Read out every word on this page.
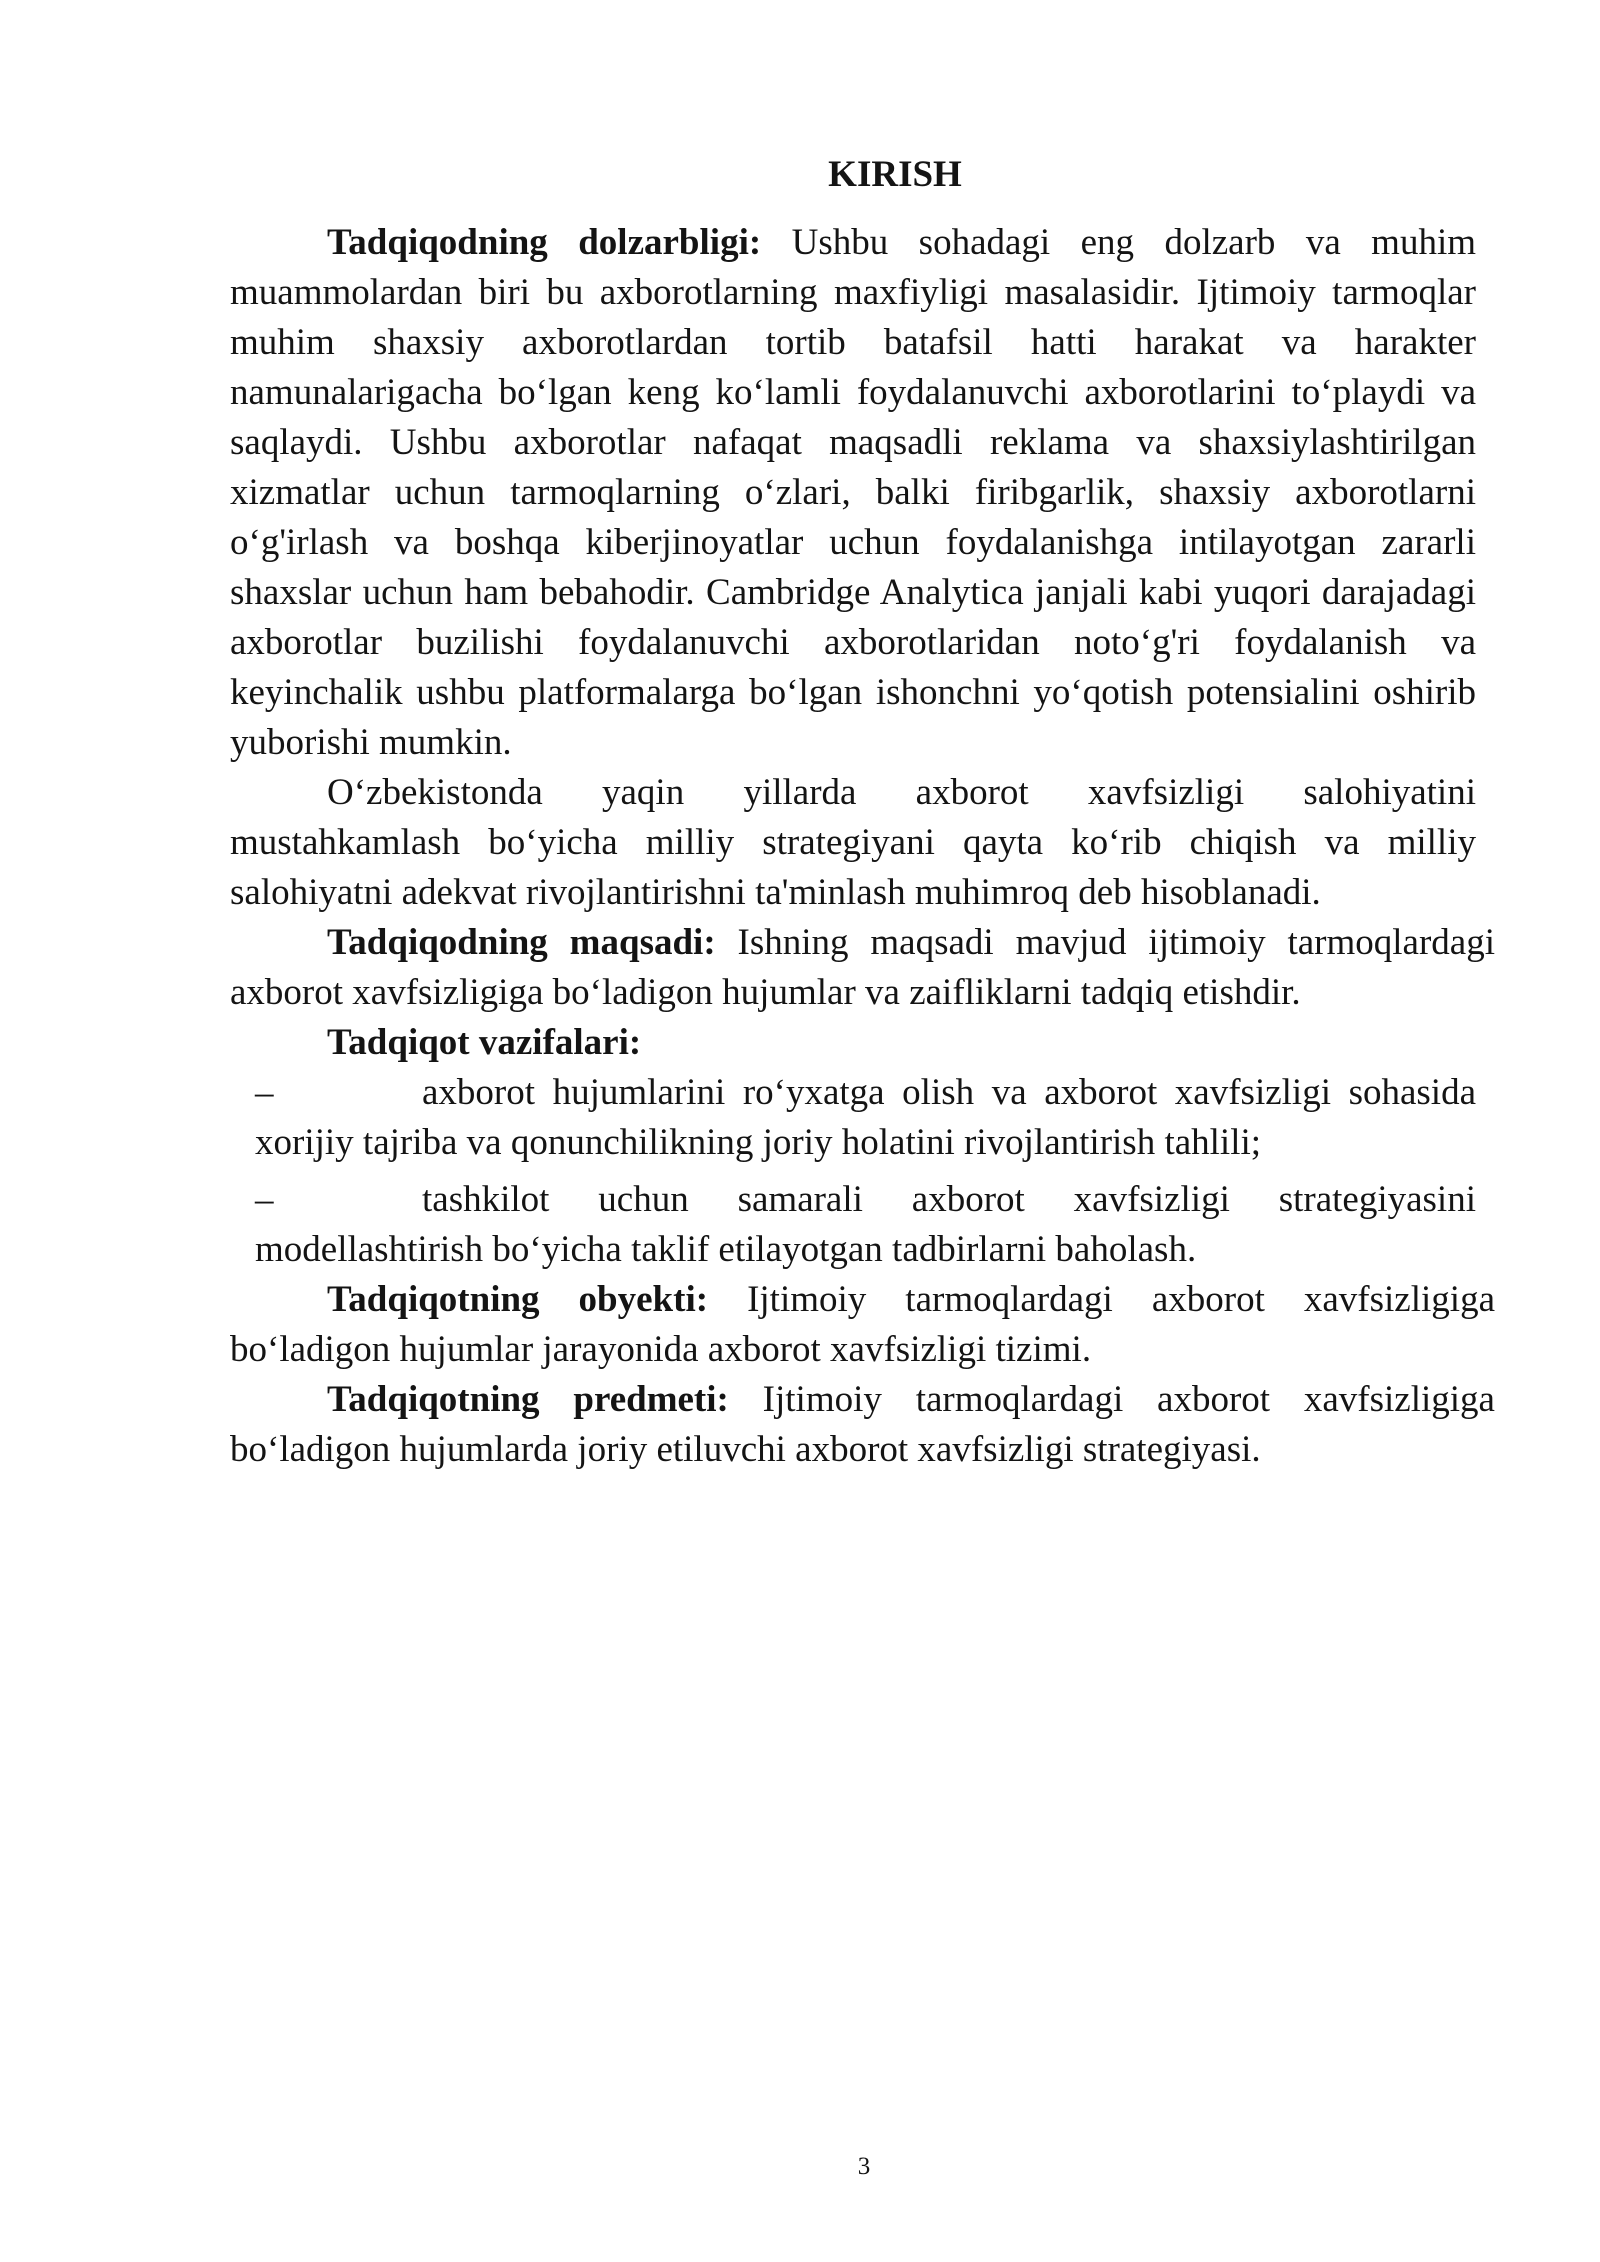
KIRISH
Tadqiqodning dolzarbligi: Ushbu sohadagi eng dolzarb va muhim
muammolardan biri bu axborotlarning maxfiyligi masalasidir. Ijtimoiy tarmoqlar
muhim shaxsiy axborotlardan tortib batafsil hatti harakat va harakter
namunalarigacha bo‘lgan keng ko‘lamli foydalanuvchi axborotlarini to‘playdi va
saqlaydi. Ushbu axborotlar nafaqat maqsadli reklama va shaxsiylashtirilgan
xizmatlar uchun tarmoqlarning o‘zlari, balki firibgarlik, shaxsiy axborotlarni
o‘g'irlash va boshqa kiberjinoyatlar uchun foydalanishga intilayotgan zararli
shaxslar uchun ham bebahodir. Cambridge Analytica janjali kabi yuqori darajadagi
axborotlar buzilishi foydalanuvchi axborotlaridan noto‘g'ri foydalanish va
keyinchalik ushbu platformalarga bo‘lgan ishonchni yo‘qotish potensialini oshirib
yuborishi mumkin.
O‘zbekistonda yaqin yillarda axborot xavfsizligi salohiyatini
mustahkamlash bo‘yicha milliy strategiyani qayta ko‘rib chiqish va milliy
salohiyatni adekvat rivojlantirishni ta'minlash muhimroq deb hisoblanadi.
Tadqiqodning maqsadi: Ishning maqsadi mavjud ijtimoiy tarmoqlardagi
axborot xavfsizligiga bo‘ladigon hujumlar va zaifliklarni tadqiq etishdir.
Tadqiqot vazifalari:
–	axborot hujumlarini ro‘yxatga olish va axborot xavfsizligi sohasida
xorijiy tajriba va qonunchilikning joriy holatini rivojlantirish tahlili;
–	tashkilot uchun samarali axborot xavfsizligi strategiyasini
modellashtirish bo‘yicha taklif etilayotgan tadbirlarni baholash.
Tadqiqotning obyekti: Ijtimoiy tarmoqlardagi axborot xavfsizligiga
bo‘ladigon hujumlar jarayonida axborot xavfsizligi tizimi.
Tadqiqotning predmeti: Ijtimoiy tarmoqlardagi axborot xavfsizligiga
bo‘ladigon hujumlarda joriy etiluvchi axborot xavfsizligi strategiyasi.
3
